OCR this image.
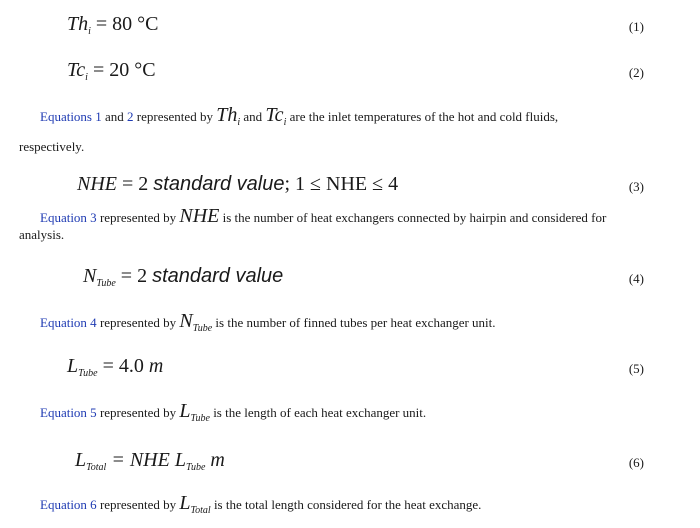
$Th_i = 80$ °C	(1)
$Tc_i = 20$ °C	(2)
Equations 1 and 2 represented by $Th_i$ and $Tc_i$ are the inlet temperatures of the hot and cold fluids,
respectively.
NHE = 2 standard value; 1 ≤ NHE ≤ 4	(3)
Equation 3 represented by NHE is the number of heat exchangers connected by hairpin and considered for
analysis.
$N_{Tube} = 2$ standard value	(4)
Equation 4 represented by $N_{Tube}$ is the number of finned tubes per heat exchanger unit.
$L_{Tube} = 4.0$ m	(5)
Equation 5 represented by $L_{Tube}$ is the length of each heat exchanger unit.
$L_{Total}$ = NHE $L_{Tube}$ m	(6)
Equation 6 represented by $L_{Total}$ is the total length considered for the heat exchange.
